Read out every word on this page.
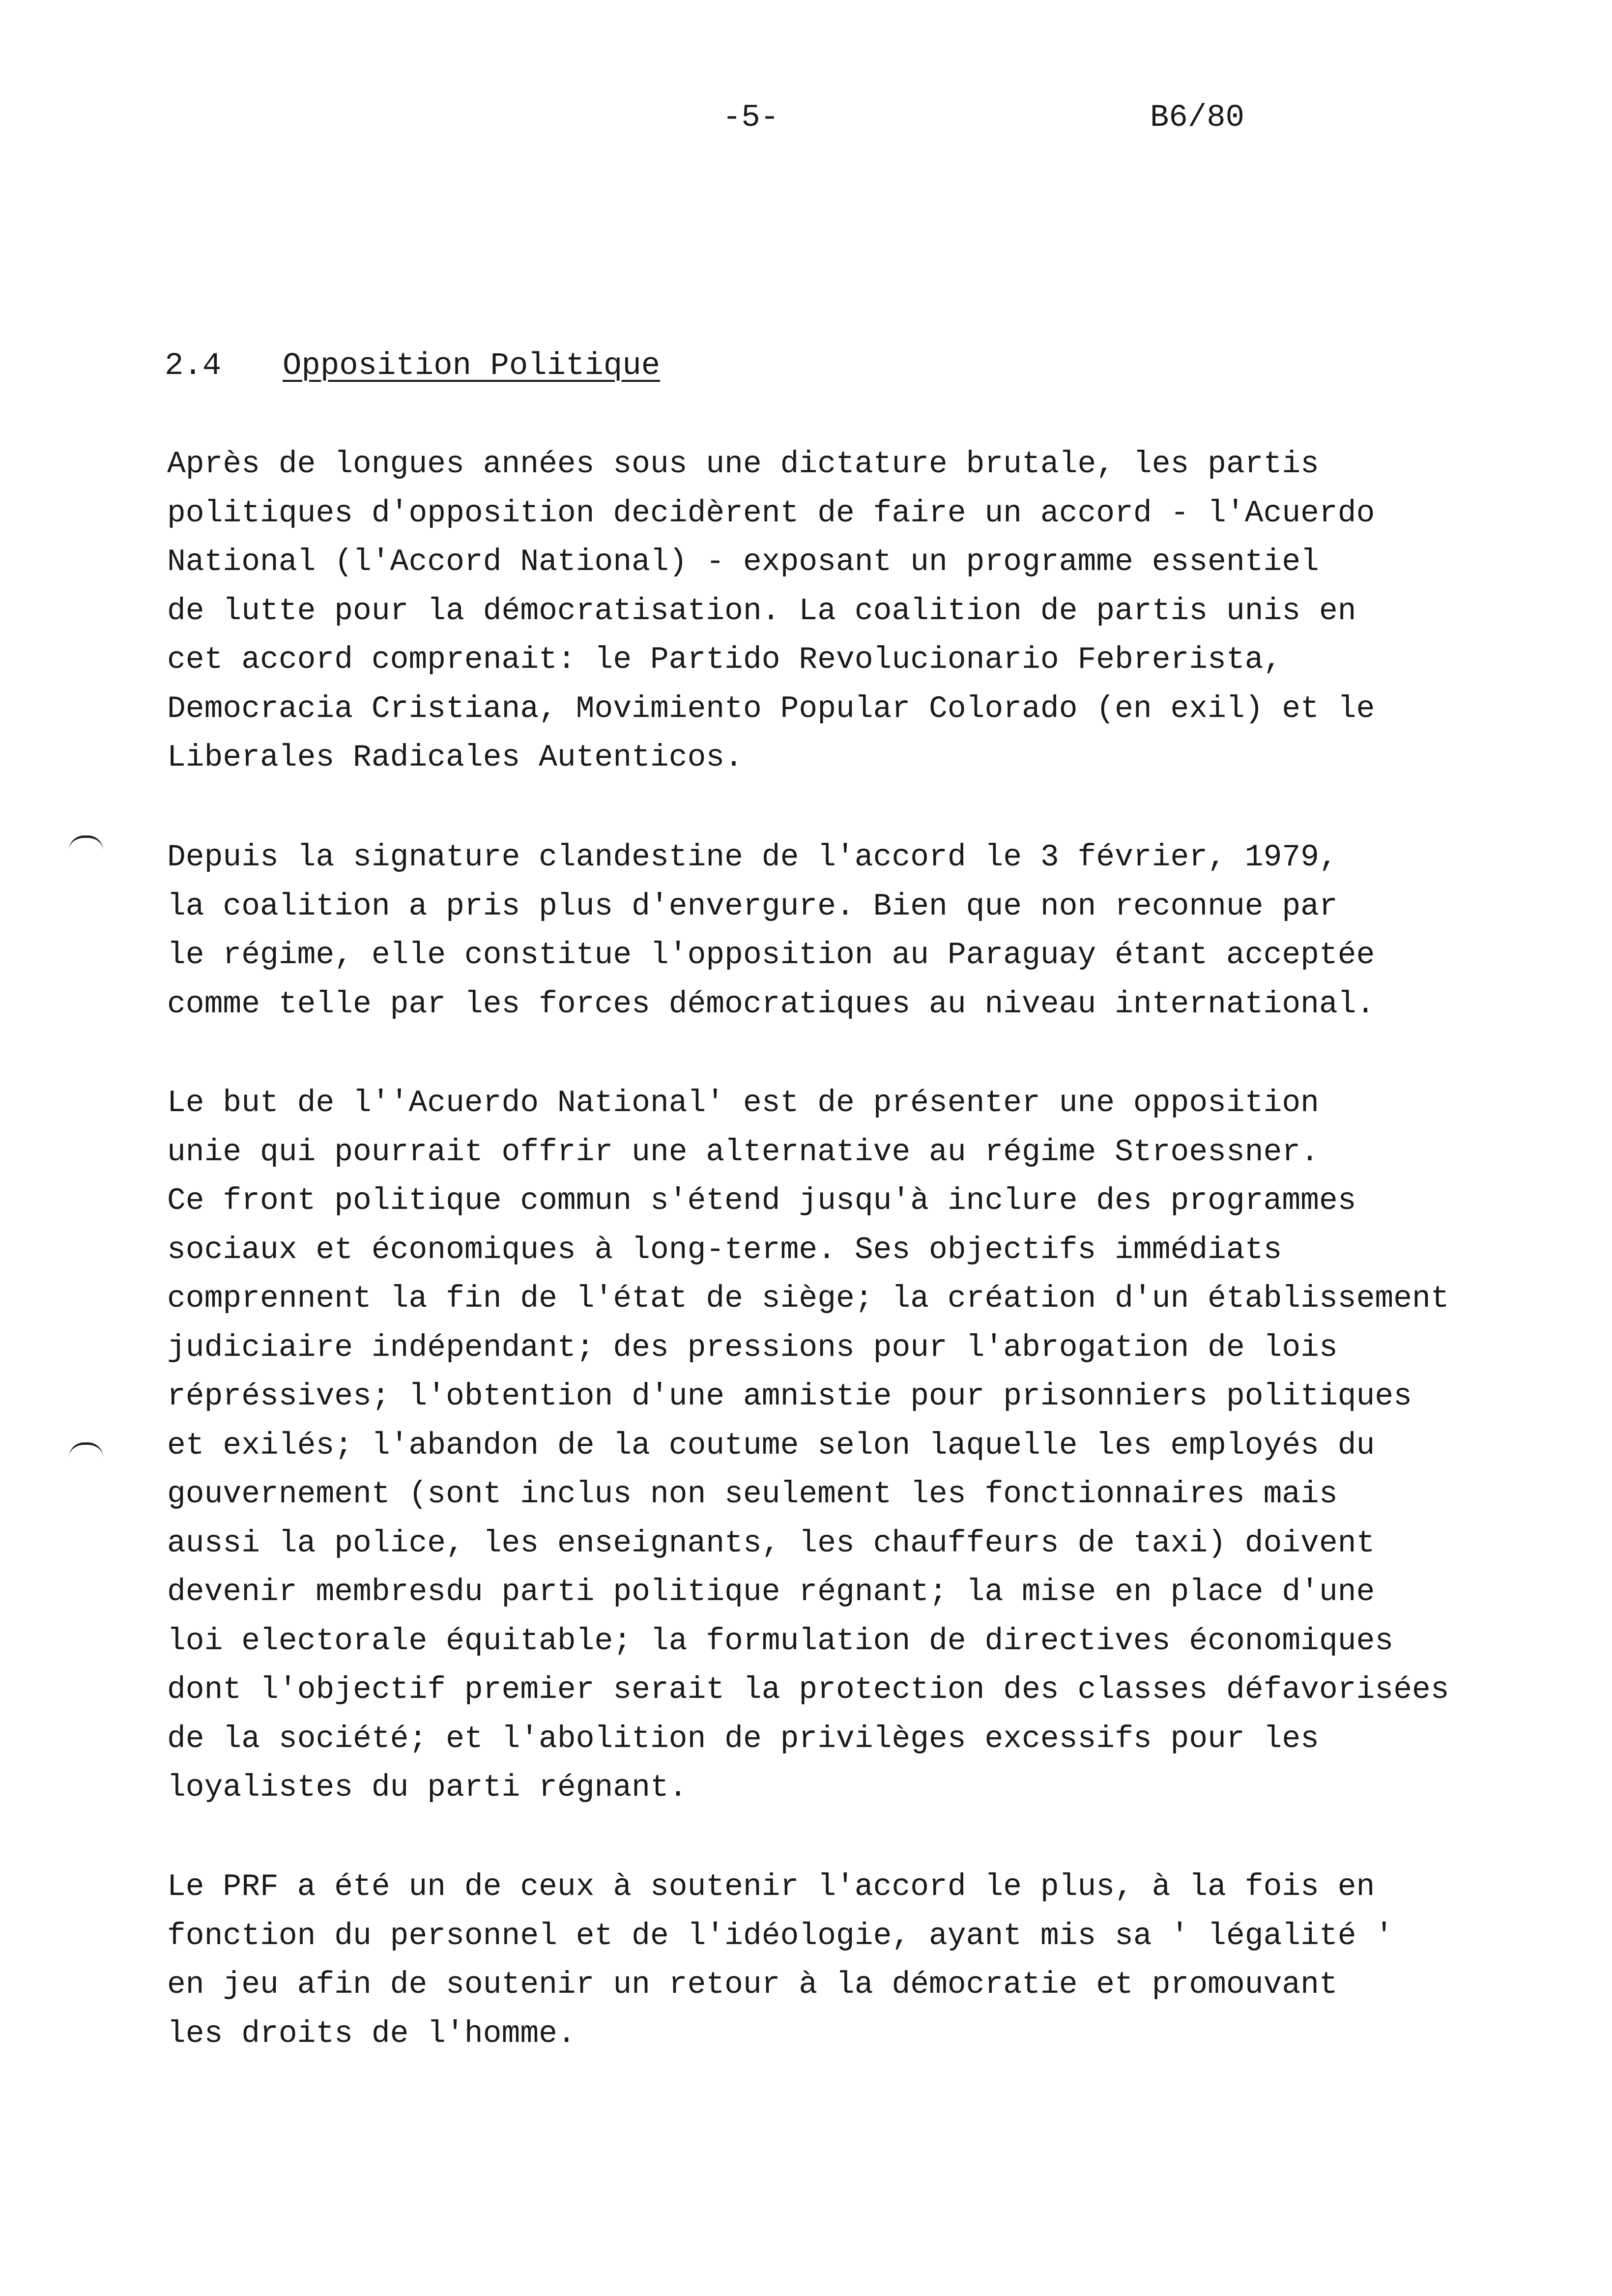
-5-	B6/80
2.4 Opposition Politique
Après de longues années sous une dictature brutale, les partis
politiques d'opposition decidèrent de faire un accord - l'Acuerdo
National (l'Accord National) - exposant un programme essentiel
de lutte pour la démocratisation. La coalition de partis unis en
cet accord comprenait: le Partido Revolucionario Febrerista,
Democracia Cristiana, Movimiento Popular Colorado (en exil) et le
Liberales Radicales Autenticos.
Depuis la signature clandestine de l'accord le 3 février, 1979,
la coalition a pris plus d'envergure. Bien que non reconnue par
le régime, elle constitue l'opposition au Paraguay étant acceptée
comme telle par les forces démocratiques au niveau international.
Le but de l''Acuerdo National' est de présenter une opposition
unie qui pourrait offrir une alternative au régime Stroessner.
Ce front politique commun s'étend jusqu'à inclure des programmes
sociaux et économiques à long-terme. Ses objectifs immédiats
comprennent la fin de l'état de siège; la création d'un établissement
judiciaire indépendant; des pressions pour l'abrogation de lois
répréssives; l'obtention d'une amnistie pour prisonniers politiques
et exilés; l'abandon de la coutume selon laquelle les employés du
gouvernement (sont inclus non seulement les fonctionnaires mais
aussi la police, les enseignants, les chauffeurs de taxi) doivent
devenir membresdu parti politique régnant; la mise en place d'une
loi electorale équitable; la formulation de directives économiques
dont l'objectif premier serait la protection des classes défavorisées
de la société; et l'abolition de privilèges excessifs pour les
loyalistes du parti régnant.
Le PRF a été un de ceux à soutenir l'accord le plus, à la fois en
fonction du personnel et de l'idéologie, ayant mis sa ' légalité '
en jeu afin de soutenir un retour à la démocratie et promouvant
les droits de l'homme.
